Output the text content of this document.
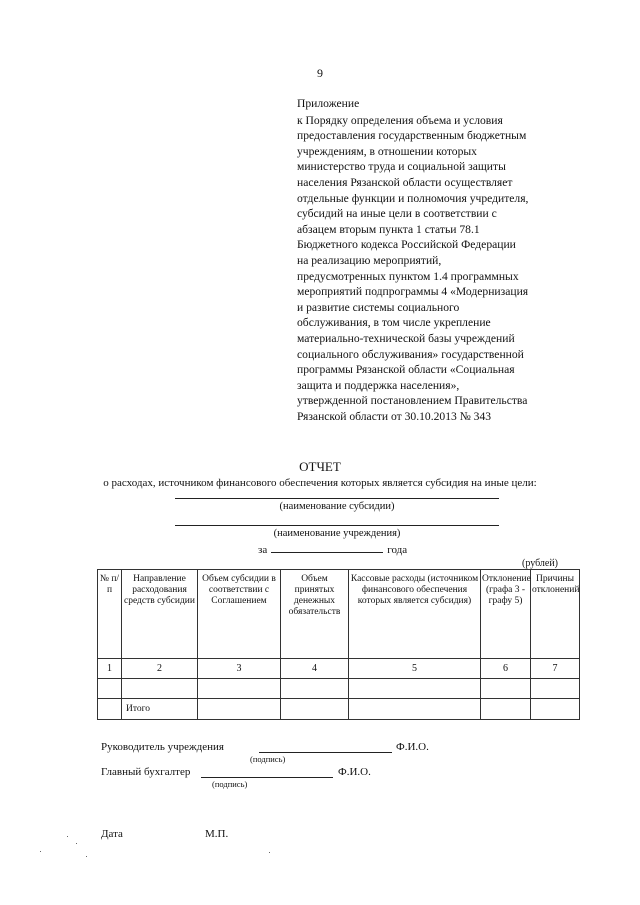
9
Приложение
к Порядку определения объема и условия
предоставления государственным бюджетным
учреждениям, в отношении которых
министерство труда и социальной защиты
населения Рязанской области осуществляет
отдельные функции и полномочия учредителя,
субсидий на иные цели в соответствии с
абзацем вторым пункта 1 статьи 78.1
Бюджетного кодекса Российской Федерации
на реализацию мероприятий,
предусмотренных пунктом 1.4 программных
мероприятий подпрограммы 4 «Модернизация
и развитие системы социального
обслуживания, в том числе укрепление
материально-технической базы учреждений
социального обслуживания» государственной
программы Рязанской области «Социальная
защита и поддержка населения»,
утвержденной постановлением Правительства
Рязанской области от 30.10.2013 № 343
ОТЧЕТ
о расходах, источником финансового обеспечения которых является субсидия на иные цели:
(наименование субсидии)
(наименование учреждения)
за	года
(рублей)
№ п/п	Направление расходования средств субсидии	Объем субсидии в соответствии с Соглашением	Объем принятых денежных обязательств	Кассовые расходы (источником финансового обеспечения которых является субсидия)	Отклонение (графа 3 - графу 5)	Причины отклонений
1	2	3	4	5	6	7

	Итого					
Руководитель учреждения	Ф.И.О.
(подпись)
Главный бухгалтер	Ф.И.О.
(подпись)
Дата	М.П.
